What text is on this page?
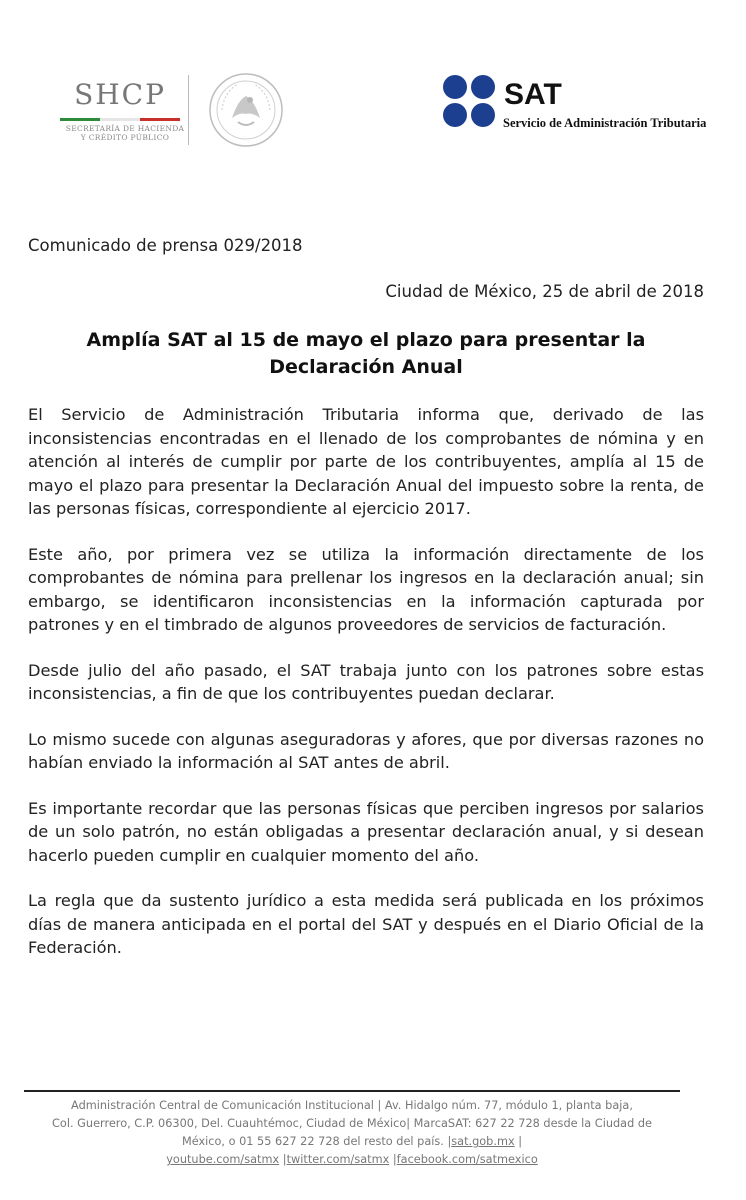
SHCP
SECRETARÍA DE HACIENDA
Y CRÉDITO PÚBLICO
SAT
Servicio de Administración Tributaria
Comunicado de prensa 029/2018
Ciudad de México, 25 de abril de 2018
Amplía SAT al 15 de mayo el plazo para presentar la
Declaración Anual

El Servicio de Administración Tributaria informa que, derivado de las inconsistencias encontradas en el llenado de los comprobantes de nómina y en atención al interés de cumplir por parte de los contribuyentes, amplía al 15 de mayo el plazo para presentar la Declaración Anual del impuesto sobre la renta, de las personas físicas, correspondiente al ejercicio 2017.

Este año, por primera vez se utiliza la información directamente de los comprobantes de nómina para prellenar los ingresos en la declaración anual; sin embargo, se identificaron inconsistencias en la información capturada por patrones y en el timbrado de algunos proveedores de servicios de facturación.

Desde julio del año pasado, el SAT trabaja junto con los patrones sobre estas inconsistencias, a fin de que los contribuyentes puedan declarar.

Lo mismo sucede con algunas aseguradoras y afores, que por diversas razones no habían enviado la información al SAT antes de abril.

Es importante recordar que las personas físicas que perciben ingresos por salarios de un solo patrón, no están obligadas a presentar declaración anual, y si desean hacerlo pueden cumplir en cualquier momento del año.

La regla que da sustento jurídico a esta medida será publicada en los próximos días de manera anticipada en el portal del SAT y después en el Diario Oficial de la Federación.

Administración Central de Comunicación Institucional | Av. Hidalgo núm. 77, módulo 1, planta baja,
Col. Guerrero, C.P. 06300, Del. Cuauhtémoc, Ciudad de México| MarcaSAT: 627 22 728 desde la Ciudad de
México, o 01 55 627 22 728 del resto del país. |sat.gob.mx |
youtube.com/satmx |twitter.com/satmx |facebook.com/satmexico
